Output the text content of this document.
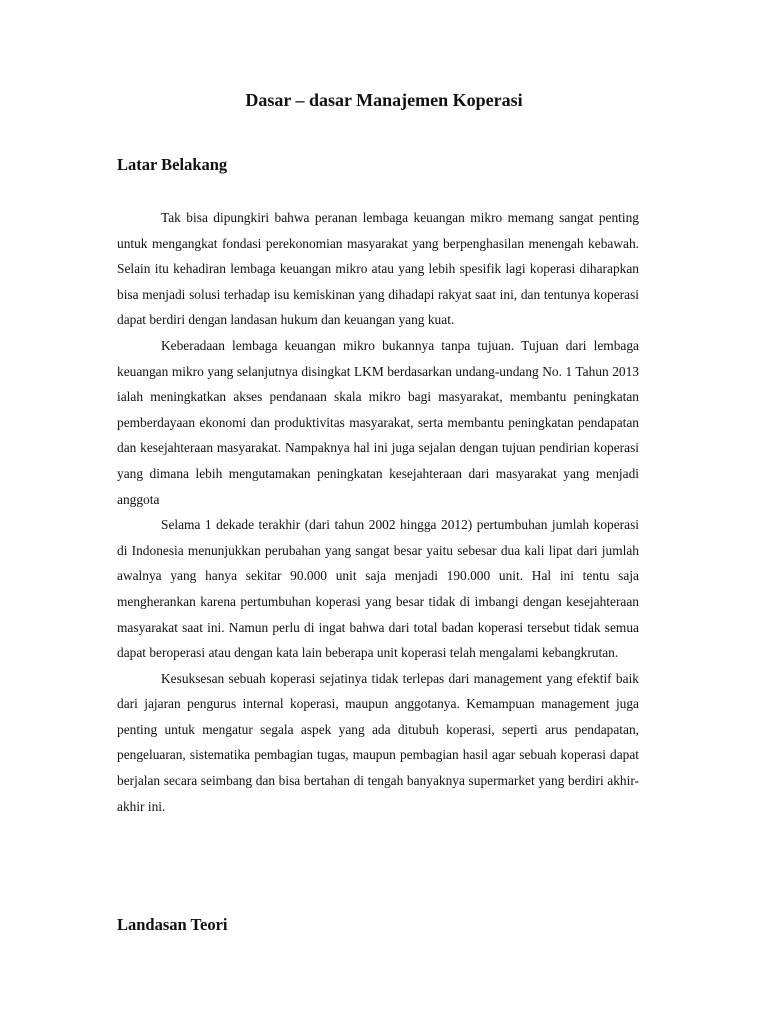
Dasar – dasar Manajemen Koperasi
Latar Belakang

Tak bisa dipungkiri bahwa peranan lembaga keuangan mikro memang sangat penting untuk mengangkat fondasi perekonomian masyarakat yang berpenghasilan menengah kebawah. Selain itu kehadiran lembaga keuangan mikro atau yang lebih spesifik lagi koperasi diharapkan bisa menjadi solusi terhadap isu kemiskinan yang dihadapi rakyat saat ini, dan tentunya koperasi dapat berdiri dengan landasan hukum dan keuangan yang kuat.

Keberadaan lembaga keuangan mikro bukannya tanpa tujuan. Tujuan dari lembaga keuangan mikro yang selanjutnya disingkat LKM berdasarkan undang-undang No. 1 Tahun 2013 ialah meningkatkan akses pendanaan skala mikro bagi masyarakat, membantu peningkatan pemberdayaan ekonomi dan produktivitas masyarakat, serta membantu peningkatan pendapatan dan kesejahteraan masyarakat. Nampaknya hal ini juga sejalan dengan tujuan pendirian koperasi yang dimana lebih mengutamakan peningkatan kesejahteraan dari masyarakat yang menjadi anggota

Selama 1 dekade terakhir (dari tahun 2002 hingga 2012) pertumbuhan jumlah koperasi di Indonesia menunjukkan perubahan yang sangat besar yaitu sebesar dua kali lipat dari jumlah awalnya yang hanya sekitar 90.000 unit saja menjadi 190.000 unit. Hal ini tentu saja mengherankan karena pertumbuhan koperasi yang besar tidak di imbangi dengan kesejahteraan masyarakat saat ini. Namun perlu di ingat bahwa dari total badan koperasi tersebut tidak semua dapat beroperasi atau dengan kata lain beberapa unit koperasi telah mengalami kebangkrutan.

Kesuksesan sebuah koperasi sejatinya tidak terlepas dari management yang efektif baik dari jajaran pengurus internal koperasi, maupun anggotanya. Kemampuan management juga penting untuk mengatur segala aspek yang ada ditubuh koperasi, seperti arus pendapatan, pengeluaran, sistematika pembagian tugas, maupun pembagian hasil agar sebuah koperasi dapat berjalan secara seimbang dan bisa bertahan di tengah banyaknya supermarket yang berdiri akhir-akhir ini.

Landasan Teori
